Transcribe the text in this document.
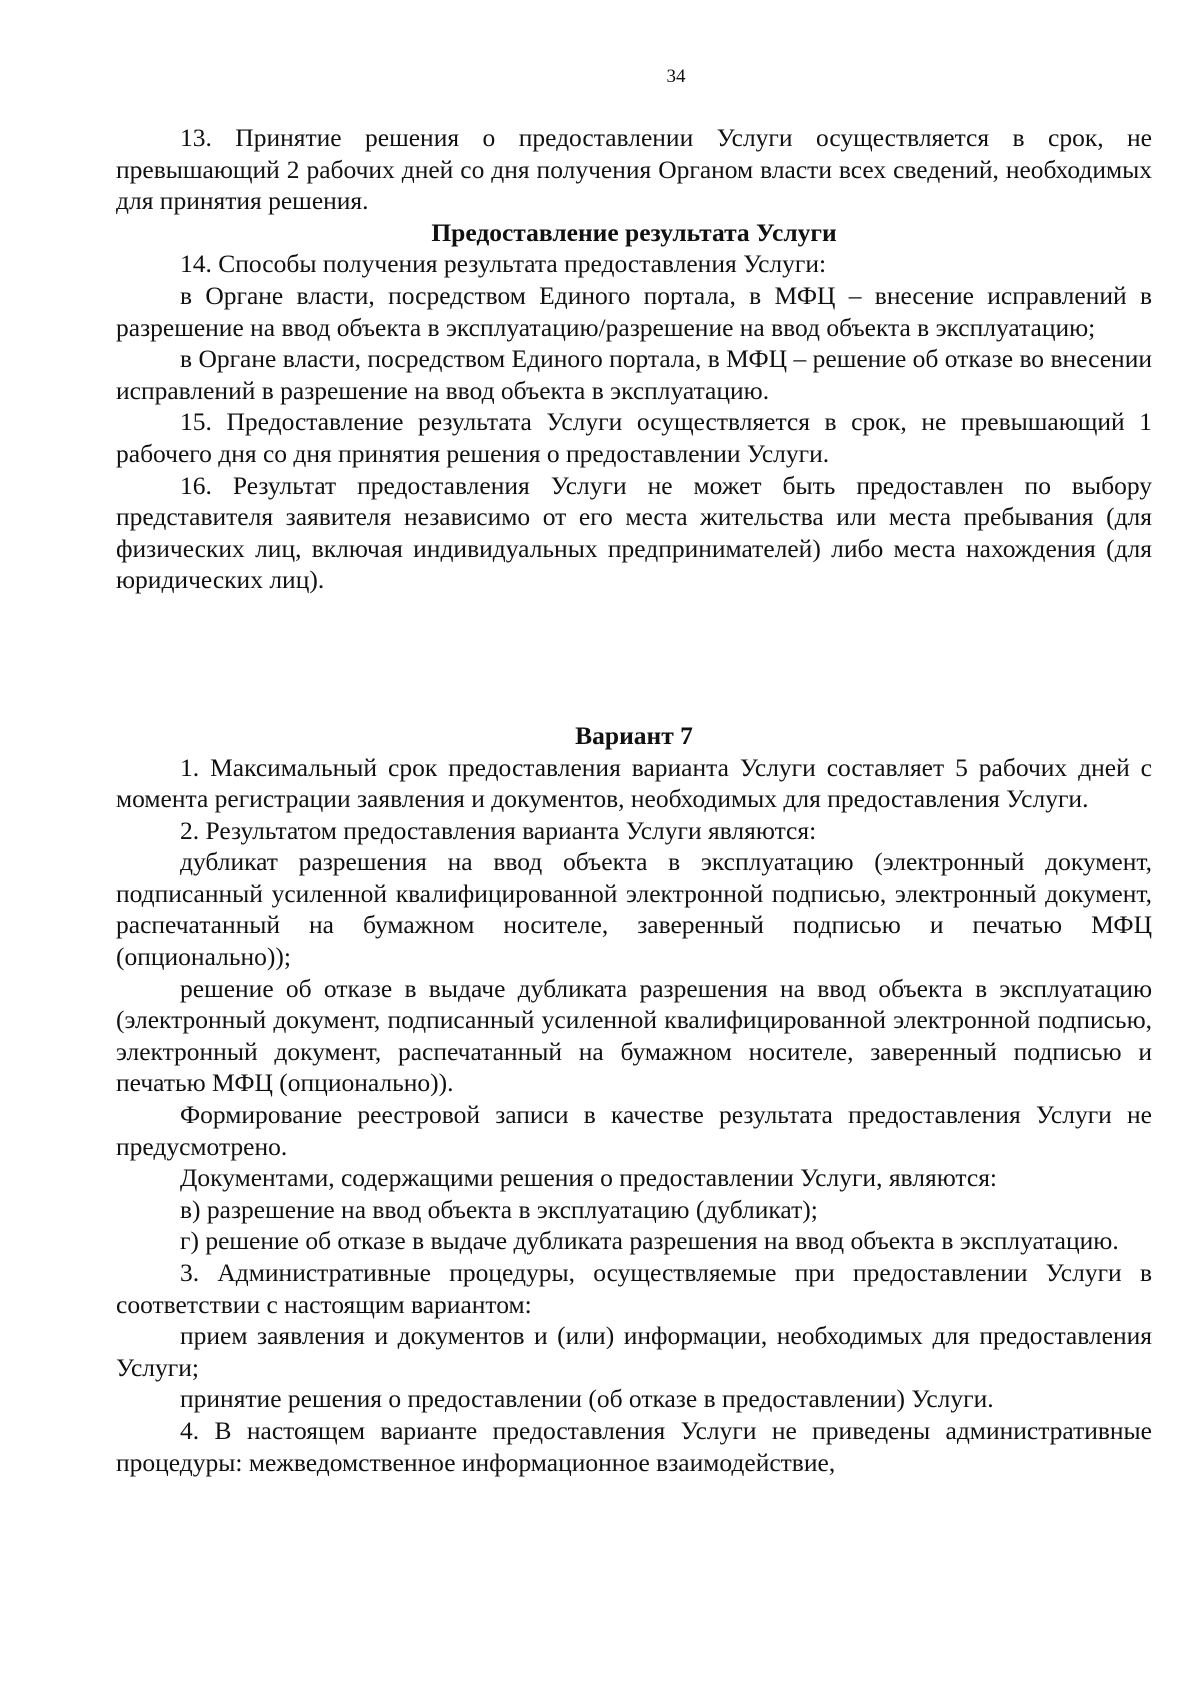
34

13. Принятие решения о предоставлении Услуги осуществляется в срок, не превышающий 2 рабочих дней со дня получения Органом власти всех сведений, необходимых для принятия решения.

Предоставление результата Услуги

14. Способы получения результата предоставления Услуги:

в Органе власти, посредством Единого портала, в МФЦ – внесение исправлений в разрешение на ввод объекта в эксплуатацию/разрешение на ввод объекта в эксплуатацию;

в Органе власти, посредством Единого портала, в МФЦ – решение об отказе во внесении исправлений в разрешение на ввод объекта в эксплуатацию.

15. Предоставление результата Услуги осуществляется в срок, не превышающий 1 рабочего дня со дня принятия решения о предоставлении Услуги.

16. Результат предоставления Услуги не может быть предоставлен по выбору представителя заявителя независимо от его места жительства или места пребывания (для физических лиц, включая индивидуальных предпринимателей) либо места нахождения (для юридических лиц).

Вариант 7

1. Максимальный срок предоставления варианта Услуги составляет 5 рабочих дней с момента регистрации заявления и документов, необходимых для предоставления Услуги.

2. Результатом предоставления варианта Услуги являются:

дубликат разрешения на ввод объекта в эксплуатацию (электронный документ, подписанный усиленной квалифицированной электронной подписью, электронный документ, распечатанный на бумажном носителе, заверенный подписью и печатью МФЦ (опционально));

решение об отказе в выдаче дубликата разрешения на ввод объекта в эксплуатацию (электронный документ, подписанный усиленной квалифицированной электронной подписью, электронный документ, распечатанный на бумажном носителе, заверенный подписью и печатью МФЦ (опционально)).

Формирование реестровой записи в качестве результата предоставления Услуги не предусмотрено.

Документами, содержащими решения о предоставлении Услуги, являются:

в) разрешение на ввод объекта в эксплуатацию (дубликат);

г) решение об отказе в выдаче дубликата разрешения на ввод объекта в эксплуатацию.

3. Административные процедуры, осуществляемые при предоставлении Услуги в соответствии с настоящим вариантом:

прием заявления и документов и (или) информации, необходимых для предоставления Услуги;

принятие решения о предоставлении (об отказе в предоставлении) Услуги.

4. В настоящем варианте предоставления Услуги не приведены административные процедуры: межведомственное информационное взаимодействие,
